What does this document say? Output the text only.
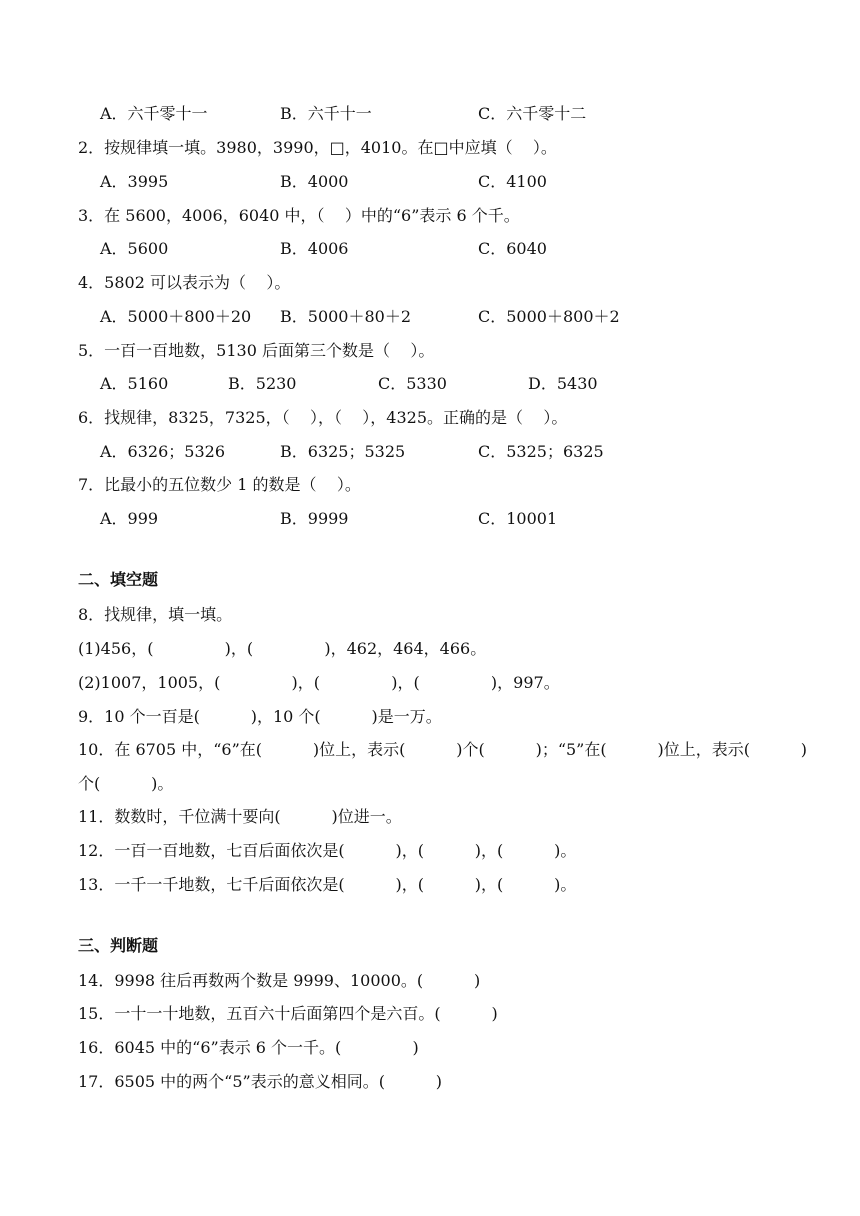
A．六千零十一	B．六千十一	C．六千零十二
2．按规律填一填。3980，3990，□，4010。在□中应填（    ）。
A．3995	B．4000	C．4100
3．在 5600，4006，6040 中，（    ）中的“6”表示 6 个千。
A．5600	B．4006	C．6040
4．5802 可以表示为（    ）。
A．5000＋800＋20 B．5000＋80＋2	C．5000＋800＋2
5．一百一百地数，5130 后面第三个数是（    ）。
A．5160	B．5230	C．5330	D．5430
6．找规律，8325，7325，（    ），（    ），4325。正确的是（    ）。
A．6326；5326	B．6325；5325	C．5325；6325
7．比最小的五位数少 1 的数是（    ）。
A．999	B．9999	C．10001
二、填空题
8．找规律，填一填。
(1)456，(              )，(              )，462，464，466。
(2)1007，1005，(              )，(              )，(              )，997。
9．10 个一百是(          )，10 个(          )是一万。
10．在 6705 中，“6”在(          )位上，表示(          )个(          )；“5”在(          )位上，表示(          )
个(          )。
11．数数时，千位满十要向(          )位进一。
12．一百一百地数，七百后面依次是(          )，(          )，(          )。
13．一千一千地数，七千后面依次是(          )，(          )，(          )。
三、判断题
14．9998 往后再数两个数是 9999、10000。(          )
15．一十一十地数，五百六十后面第四个是六百。(          )
16．6045 中的“6”表示 6 个一千。(              )
17．6505 中的两个“5”表示的意义相同。(          )
